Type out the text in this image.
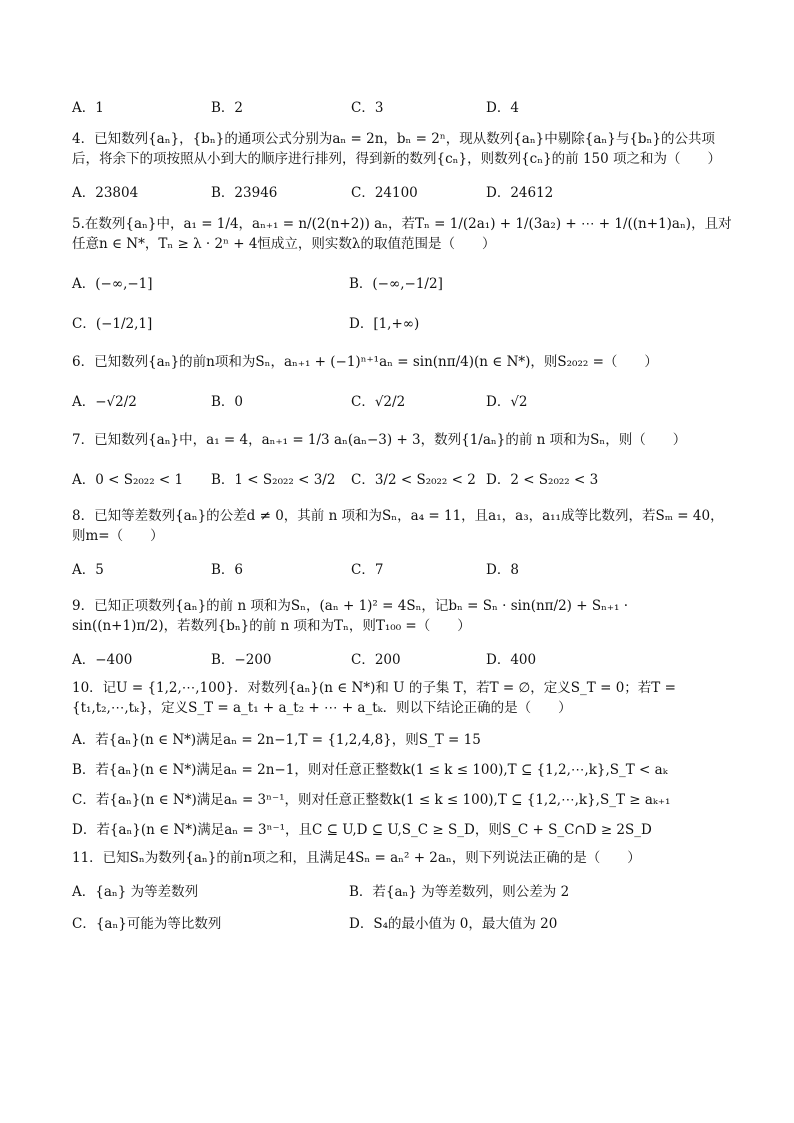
A．1	B．2	C．3	D．4
4．已知数列{aₙ}，{bₙ}的通项公式分别为aₙ = 2n，bₙ = 2ⁿ，现从数列{aₙ}中剔除{aₙ}与{bₙ}的公共项后，将余下的项按照从小到大的顺序进行排列，得到新的数列{cₙ}，则数列{cₙ}的前 150 项之和为（　　）
A．23804	B．23946	C．24100	D．24612
5.在数列{aₙ}中，a₁ = 1/4，aₙ₊₁ = n/(2(n+2)) aₙ，若Tₙ = 1/(2a₁) + 1/(3a₂) + ⋯ + 1/((n+1)aₙ)，且对任意n ∈ N*，Tₙ ≥ λ · 2ⁿ + 4恒成立，则实数λ的取值范围是（　　）
A．(−∞,−1]	B．(−∞,−1/2]
C．(−1/2,1]	D．[1,+∞)
6．已知数列{aₙ}的前n项和为Sₙ，aₙ₊₁ + (−1)ⁿ⁺¹aₙ = sin(nπ/4)(n ∈ N*)，则S₂₀₂₂ =（　　）
A．−√2/2	B．0	C．√2/2	D．√2
7．已知数列{aₙ}中，a₁ = 4，aₙ₊₁ = 1/3 aₙ(aₙ−3) + 3，数列{1/aₙ}的前 n 项和为Sₙ，则（　　）
A．0 < S₂₀₂₂ < 1 B．1 < S₂₀₂₂ < 3/2 C．3/2 < S₂₀₂₂ < 2 D．2 < S₂₀₂₂ < 3
8．已知等差数列{aₙ}的公差d ≠ 0，其前 n 项和为Sₙ，a₄ = 11，且a₁，a₃，a₁₁成等比数列，若Sₘ = 40，则m=（　　）
A．5	B．6	C．7	D．8
9．已知正项数列{aₙ}的前 n 项和为Sₙ，(aₙ + 1)² = 4Sₙ，记bₙ = Sₙ · sin(nπ/2) + Sₙ₊₁ · sin((n+1)π/2)，若数列{bₙ}的前 n 项和为Tₙ，则T₁₀₀ =（　　）
A．−400	B．−200	C．200	D．400
10．记U = {1,2,⋯,100}．对数列{aₙ}(n ∈ N*)和 U 的子集 T，若T = ∅，定义S_T = 0；若T = {t₁,t₂,⋯,tₖ}，定义S_T = a_t₁ + a_t₂ + ⋯ + a_tₖ．则以下结论正确的是（　　）
A．若{aₙ}(n ∈ N*)满足aₙ = 2n−1,T = {1,2,4,8}，则S_T = 15
B．若{aₙ}(n ∈ N*)满足aₙ = 2n−1，则对任意正整数k(1 ≤ k ≤ 100),T ⊆ {1,2,⋯,k},S_T < aₖ
C．若{aₙ}(n ∈ N*)满足aₙ = 3ⁿ⁻¹，则对任意正整数k(1 ≤ k ≤ 100),T ⊆ {1,2,⋯,k},S_T ≥ aₖ₊₁
D．若{aₙ}(n ∈ N*)满足aₙ = 3ⁿ⁻¹，且C ⊆ U,D ⊆ U,S_C ≥ S_D，则S_C + S_C∩D ≥ 2S_D
11．已知Sₙ为数列{aₙ}的前n项之和，且满足4Sₙ = aₙ² + 2aₙ，则下列说法正确的是（　　）
A．{aₙ} 为等差数列	B．若{aₙ} 为等差数列，则公差为 2
C．{aₙ}可能为等比数列	D．S₄的最小值为 0，最大值为 20
